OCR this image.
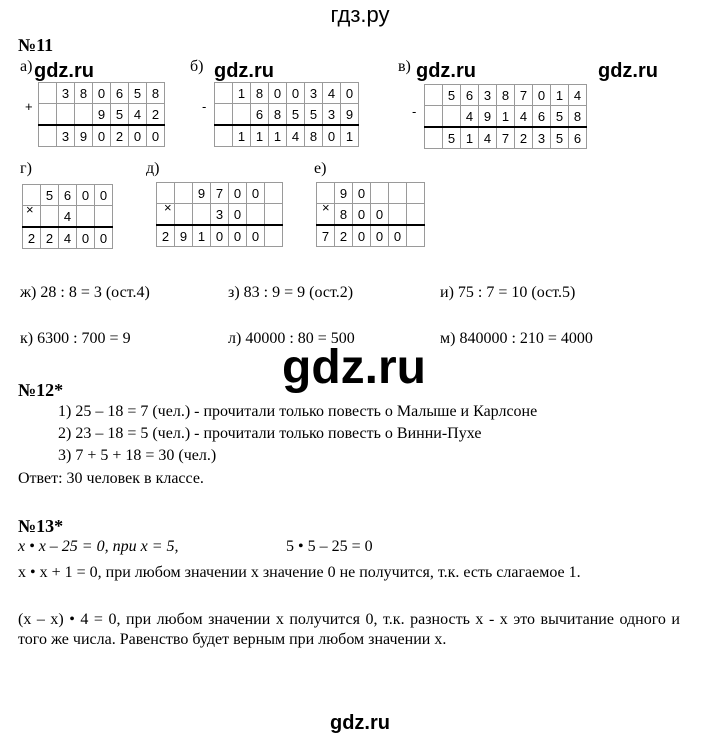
гдз.ру
№11
gdz.ru	gdz.ru	gdz.ru	gdz.ru
gdz.ru
а)	б)	в)
г)	д)	е)
+	-	-
×	×	×
	3	8	0	6	5	8
			9	5	4	2
	3	9	0	2	0	0
	1	8	0	0	3	4	0
		6	8	5	5	3	9
	1	1	1	4	8	0	1
	5	6	3	8	7	0	1	4
		4	9	1	4	6	5	8
	5	1	4	7	2	3	5	6
	5	6	0	0
		4		
2	2	4	0	0
		9	7	0	0	
			3	0		
2	9	1	0	0	0	
	9	0			
	8	0	0		
7	2	0	0	0	
ж) 28 : 8 = 3 (ост.4)	з) 83 : 9 = 9 (ост.2)	и) 75 : 7 = 10 (ост.5)
к) 6300 : 700 = 9	л) 40000 : 80 = 500	м) 840000 : 210 = 4000
№12*
1) 25 – 18 = 7 (чел.) - прочитали только повесть о Малыше и Карлсоне
2) 23 – 18 = 5 (чел.) - прочитали только повесть о Винни-Пухе
3) 7 + 5 + 18 = 30 (чел.)
Ответ: 30 человек в классе.
№13*
x • x – 25 = 0, при x = 5,	5 • 5 – 25 = 0
x • x + 1 = 0, при любом значении x значение 0 не получится, т.к. есть слагаемое 1.
(x – x) • 4 = 0, при любом значении x получится 0, т.к. разность x - x это вычитание одного и того же числа. Равенство будет верным при любом значении x.
gdz.ru
